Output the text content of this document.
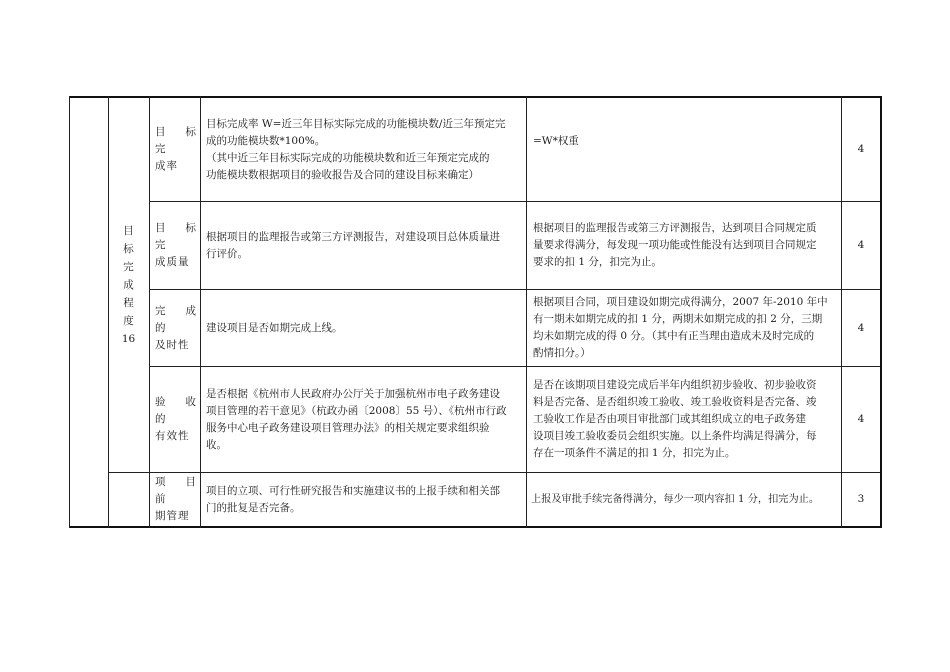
目
标
完
成
程
度
16
目 标 完
成率
目标完成率 W=近三年目标实际完成的功能模块数/近三年预定完
成的功能模块数*100%。
（其中近三年目标实际完成的功能模块数和近三年预定完成的
功能模块数根据项目的验收报告及合同的建设目标来确定）
=W*权重
4
目 标 完
成质量
根据项目的监理报告或第三方评测报告，对建设项目总体质量进
行评价。
根据项目的监理报告或第三方评测报告，达到项目合同规定质
量要求得满分，每发现一项功能或性能没有达到项目合同规定
要求的扣 1 分，扣完为止。
4
完 成 的
及时性
建设项目是否如期完成上线。
根据项目合同，项目建设如期完成得满分，2007 年-2010 年中
有一期未如期完成的扣 1 分，两期未如期完成的扣 2 分，三期
均未如期完成的得 0 分。（其中有正当理由造成未及时完成的
酌情扣分。）
4
验 收 的
有效性
是否根据《杭州市人民政府办公厅关于加强杭州市电子政务建设
项目管理的若干意见》（杭政办函〔2008〕55 号）、《杭州市行政
服务中心电子政务建设项目管理办法》的相关规定要求组织验
收。
是否在该期项目建设完成后半年内组织初步验收、初步验收资
料是否完备、是否组织竣工验收、竣工验收资料是否完备、竣
工验收工作是否由项目审批部门或其组织成立的电子政务建
设项目竣工验收委员会组织实施。以上条件均满足得满分，每
存在一项条件不满足的扣 1 分，扣完为止。
4
项 目 前
期管理
项目的立项、可行性研究报告和实施建议书的上报手续和相关部
门的批复是否完备。
上报及审批手续完备得满分，每少一项内容扣 1 分，扣完为止。	3
